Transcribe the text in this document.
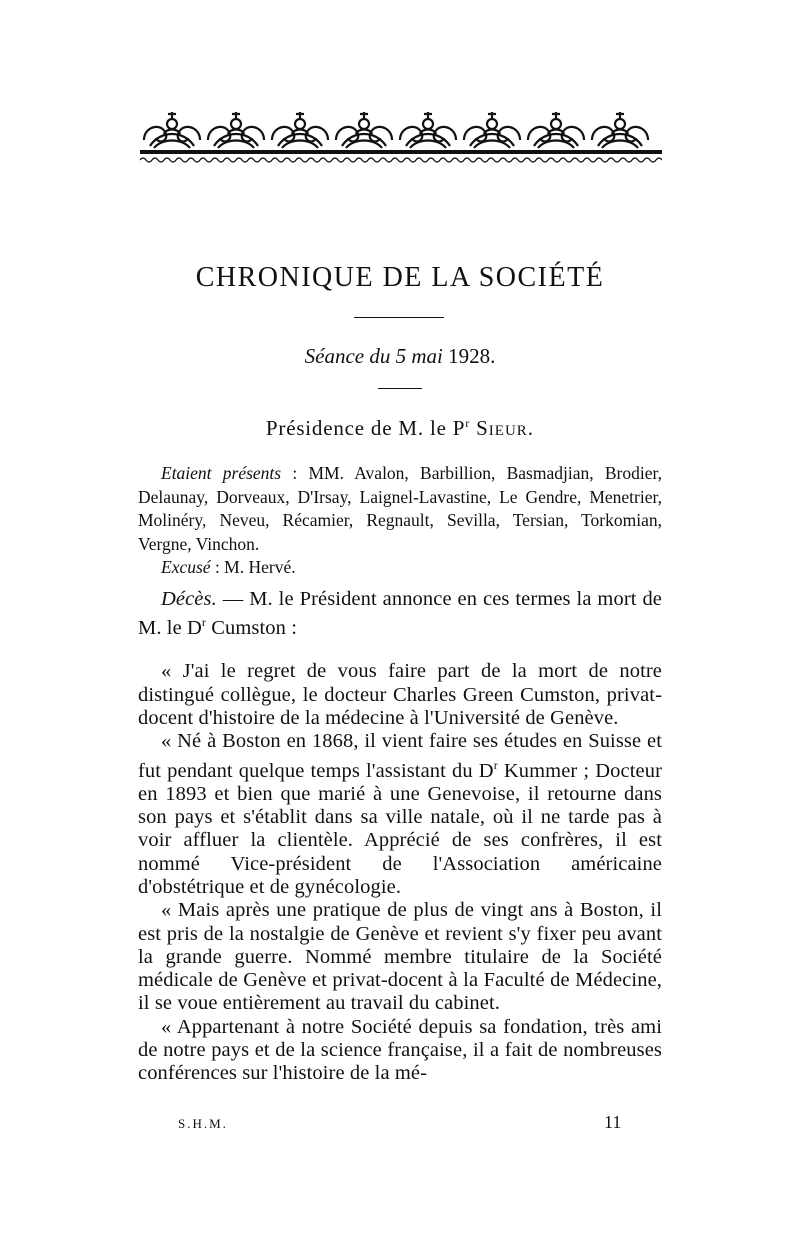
CHRONIQUE DE LA SOCIÉTÉ
Séance du 5 mai 1928.
Présidence de M. le $P^r$ Sieur.

Etaient présents : MM. Avalon, Barbillion, Basmadjian, Brodier, Delaunay, Dorveaux, D'Irsay, Laignel-Lavastine, Le Gendre, Menetrier, Molinéry, Neveu, Récamier, Regnault, Sevilla, Tersian, Torkomian, Vergne, Vinchon.

Excusé : M. Hervé.

Décès. — M. le Président annonce en ces termes la mort de M. le $D^r$ Cumston :

« J'ai le regret de vous faire part de la mort de notre distingué collègue, le docteur Charles Green Cumston, privat-docent d'histoire de la médecine à l'Université de Genève.

« Né à Boston en 1868, il vient faire ses études en Suisse et fut pendant quelque temps l'assistant du $D^r$ Kummer ; Docteur en 1893 et bien que marié à une Genevoise, il retourne dans son pays et s'établit dans sa ville natale, où il ne tarde pas à voir affluer la clientèle. Apprécié de ses confrères, il est nommé Vice-président de l'Association américaine d'obstétrique et de gynécologie.

« Mais après une pratique de plus de vingt ans à Boston, il est pris de la nostalgie de Genève et revient s'y fixer peu avant la grande guerre. Nommé membre titulaire de la Société médicale de Genève et privat-docent à la Faculté de Médecine, il se voue entièrement au travail du cabinet.

« Appartenant à notre Société depuis sa fondation, très ami de notre pays et de la science française, il a fait de nombreuses conférences sur l'histoire de la mé-

S.H.M.	11
